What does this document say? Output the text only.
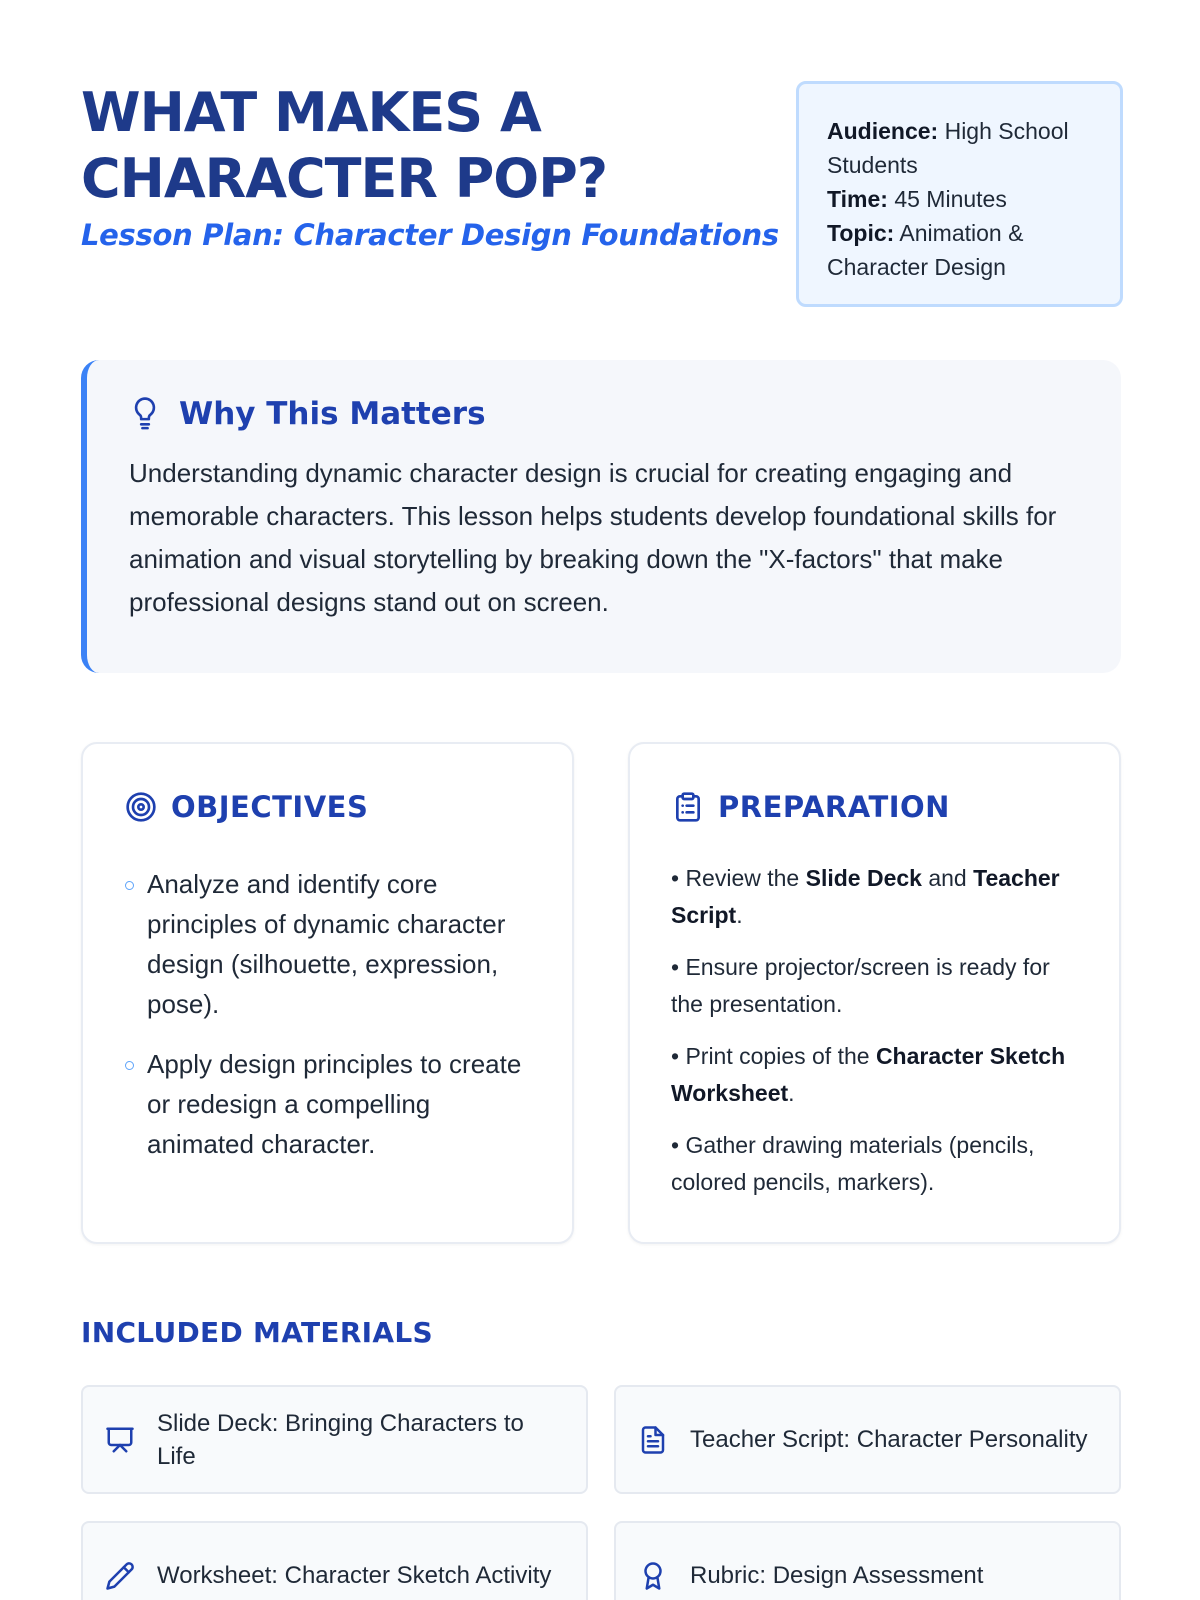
WHAT MAKES A
CHARACTER POP?
Lesson Plan: Character Design Foundations
Audience: High School Students
Time: 45 Minutes
Topic: Animation & Character Design
Why This Matters

Understanding dynamic character design is crucial for creating engaging and memorable characters. This lesson helps students develop foundational skills for animation and visual storytelling by breaking down the "X-factors" that make professional designs stand out on screen.

OBJECTIVES
Analyze and identify core principles of dynamic character design (silhouette, expression, pose).
Apply design principles to create or redesign a compelling animated character.
PREPARATION
• Review the Slide Deck and Teacher Script.
• Ensure projector/screen is ready for the presentation.
• Print copies of the Character Sketch Worksheet.
• Gather drawing materials (pencils, colored pencils, markers).
INCLUDED MATERIALS
Slide Deck: Bringing Characters to Life
Teacher Script: Character Personality
Worksheet: Character Sketch Activity	Rubric: Design Assessment
